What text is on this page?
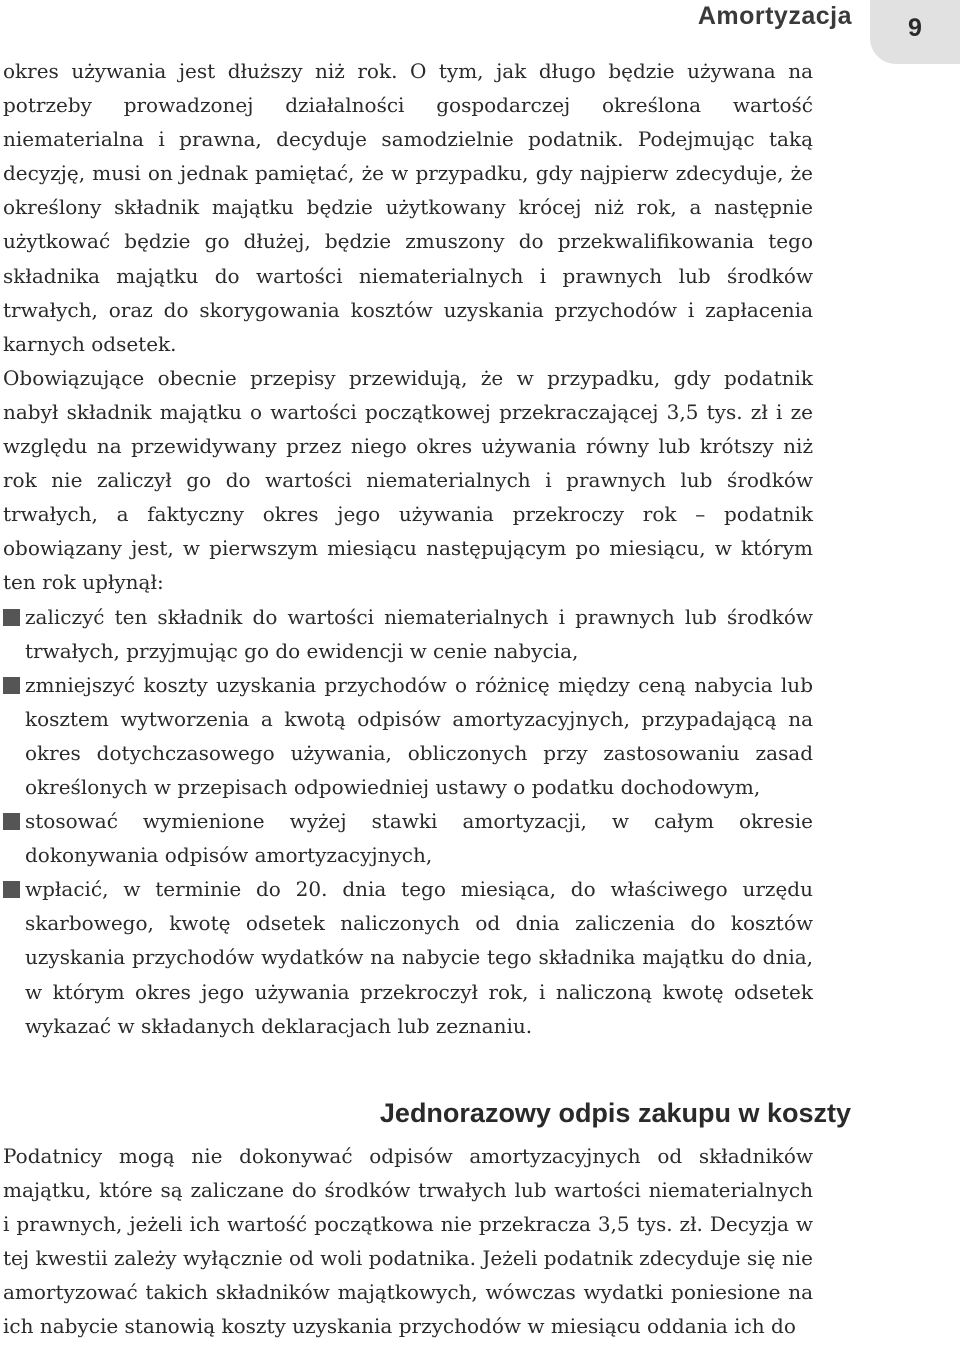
Amortyzacja	9

okres używania jest dłuższy niż rok. O tym, jak długo będzie używana na potrzeby prowadzonej działalności gospodarczej określona wartość niematerialna i prawna, decyduje samodzielnie podatnik. Podejmując taką decyzję, musi on jednak pamiętać, że w przypadku, gdy najpierw zdecyduje, że określony składnik majątku będzie użytkowany krócej niż rok, a następnie użytkować będzie go dłużej, będzie zmuszony do przekwalifikowania tego składnika majątku do wartości niematerialnych i prawnych lub środków trwałych, oraz do skorygowania kosztów uzyskania przychodów i zapłacenia karnych odsetek.

Obowiązujące obecnie przepisy przewidują, że w przypadku, gdy podatnik nabył składnik majątku o wartości początkowej przekraczającej 3,5 tys. zł i ze względu na przewidywany przez niego okres używania równy lub krótszy niż rok nie zaliczył go do wartości niematerialnych i prawnych lub środków trwałych, a faktyczny okres jego używania przekroczy rok – podatnik obowiązany jest, w pierwszym miesiącu następującym po miesiącu, w którym ten rok upłynął:

zaliczyć ten składnik do wartości niematerialnych i prawnych lub środków trwałych, przyjmując go do ewidencji w cenie nabycia,
zmniejszyć koszty uzyskania przychodów o różnicę między ceną nabycia lub kosztem wytworzenia a kwotą odpisów amortyzacyjnych, przypadającą na okres dotychczasowego używania, obliczonych przy zastosowaniu zasad określonych w przepisach odpowiedniej ustawy o podatku dochodowym,
stosować wymienione wyżej stawki amortyzacji, w całym okresie dokonywania odpisów amortyzacyjnych,
wpłacić, w terminie do 20. dnia tego miesiąca, do właściwego urzędu skarbowego, kwotę odsetek naliczonych od dnia zaliczenia do kosztów uzyskania przychodów wydatków na nabycie tego składnika majątku do dnia, w którym okres jego używania przekroczył rok, i naliczoną kwotę odsetek wykazać w składanych deklaracjach lub zeznaniu.
Jednorazowy odpis zakupu w koszty

Podatnicy mogą nie dokonywać odpisów amortyzacyjnych od składników majątku, które są zaliczane do środków trwałych lub wartości niematerialnych i prawnych, jeżeli ich wartość początkowa nie przekracza 3,5 tys. zł. Decyzja w tej kwestii zależy wyłącznie od woli podatnika. Jeżeli podatnik zdecyduje się nie amortyzować takich składników majątkowych, wówczas wydatki poniesione na ich nabycie stanowią koszty uzyskania przychodów w miesiącu oddania ich do
